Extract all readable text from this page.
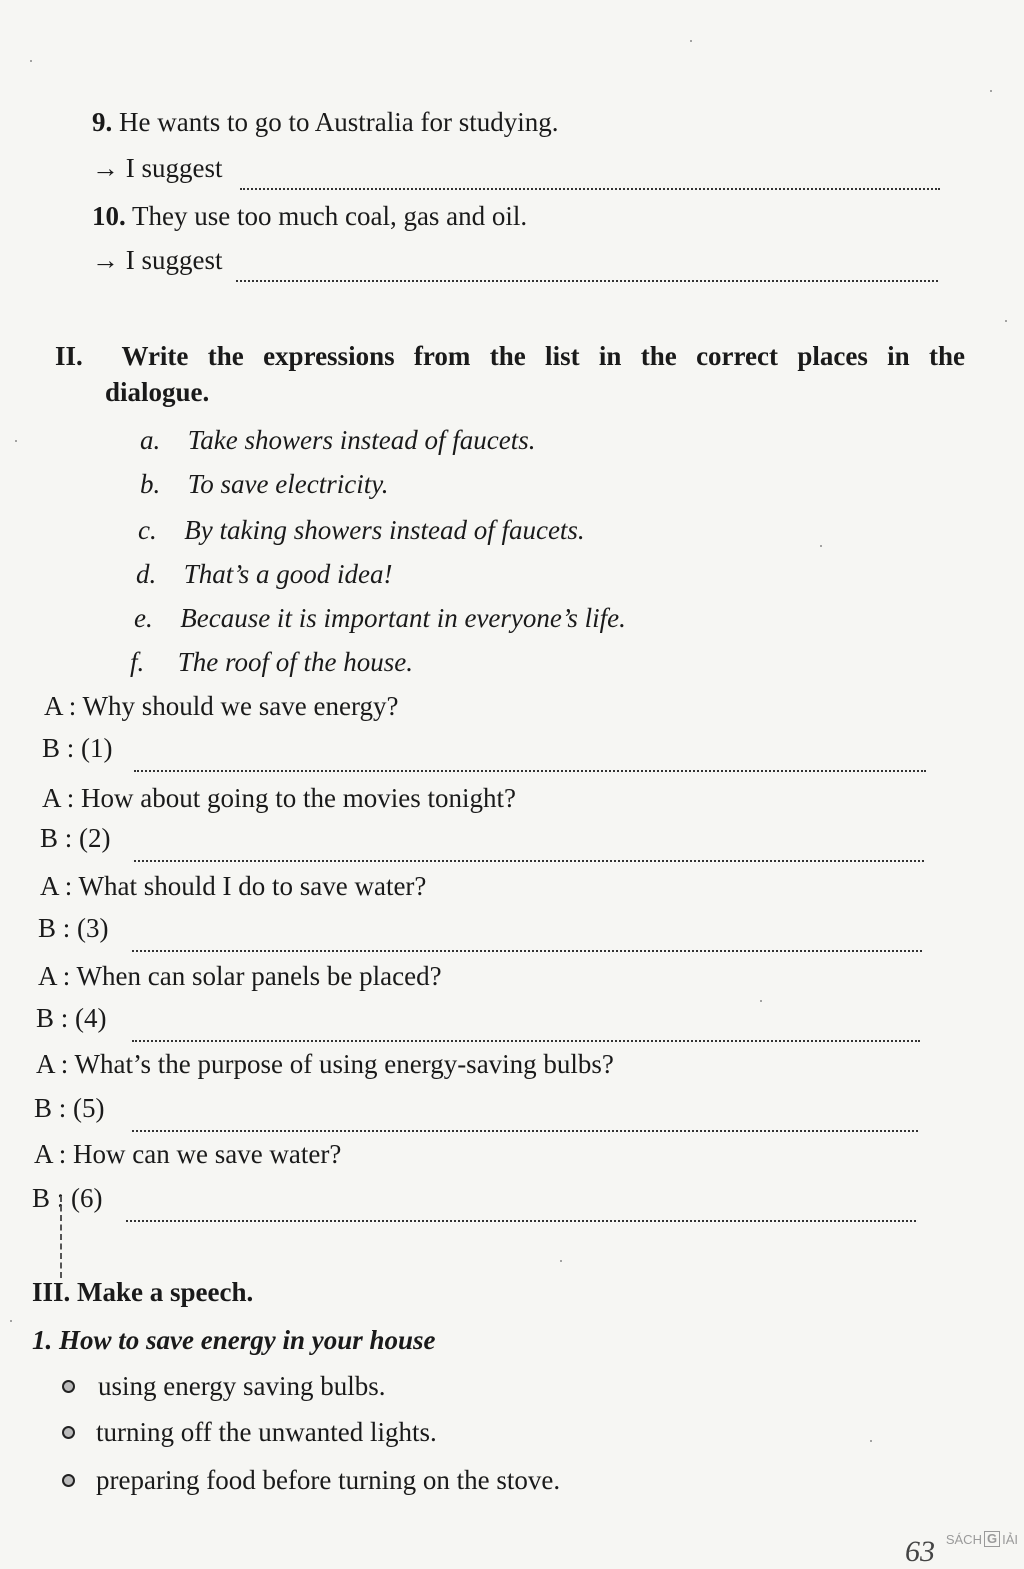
9. He wants to go to Australia for studying.
→ I suggest
10. They use too much coal, gas and oil.
→ I suggest
II. Write the expressions from the list in the correct places in the
dialogue.
a. Take showers instead of faucets.
b. To save electricity.
c. By taking showers instead of faucets.
d. That’s a good idea!
e. Because it is important in everyone’s life.
f. The roof of the house.
A : Why should we save energy?
B : (1)
A : How about going to the movies tonight?
B : (2)
A : What should I do to save water?
B : (3)
A : When can solar panels be placed?
B : (4)
A : What’s the purpose of using energy-saving bulbs?
B : (5)
A : How can we save water?
B : (6)
III. Make a speech.
1. How to save energy in your house
using energy saving bulbs.
turning off the unwanted lights.
preparing food before turning on the stove.
63 SÁCH G IẢI
